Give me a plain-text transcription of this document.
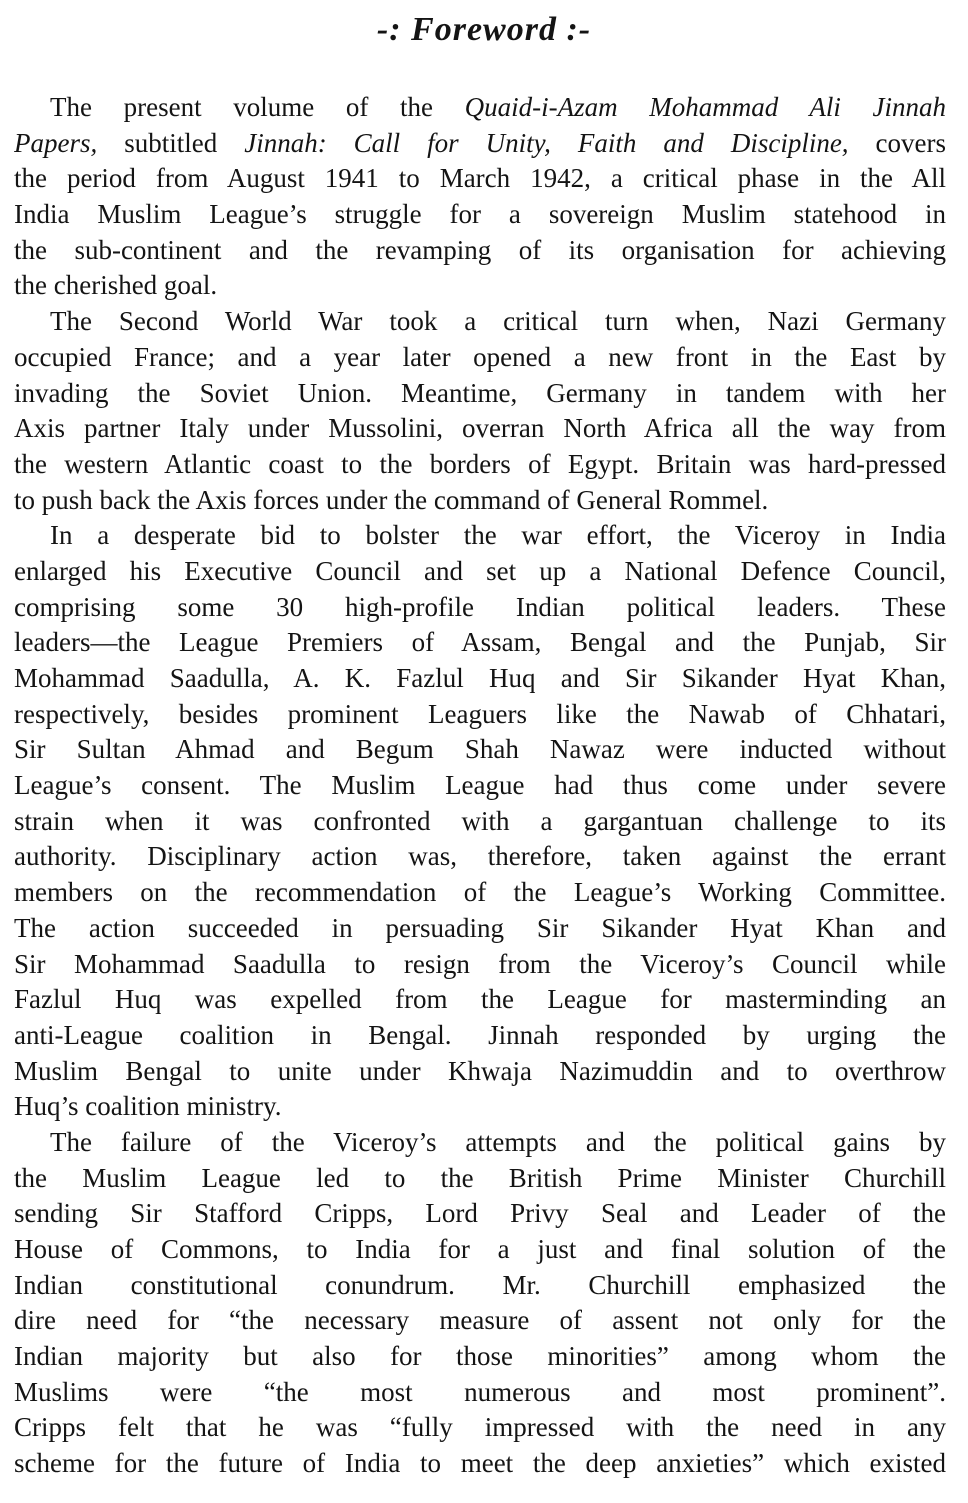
-: Foreword :-
The present volume of the Quaid-i-Azam Mohammad Ali Jinnah
Papers, subtitled Jinnah: Call for Unity, Faith and Discipline, covers
the period from August 1941 to March 1942, a critical phase in the All
India Muslim League’s struggle for a sovereign Muslim statehood in
the sub-continent and the revamping of its organisation for achieving
the cherished goal.
The Second World War took a critical turn when, Nazi Germany
occupied France; and a year later opened a new front in the East by
invading the Soviet Union. Meantime, Germany in tandem with her
Axis partner Italy under Mussolini, overran North Africa all the way from
the western Atlantic coast to the borders of Egypt. Britain was hard-pressed
to push back the Axis forces under the command of General Rommel.
In a desperate bid to bolster the war effort, the Viceroy in India
enlarged his Executive Council and set up a National Defence Council,
comprising some 30 high-profile Indian political leaders. These
leaders—the League Premiers of Assam, Bengal and the Punjab, Sir
Mohammad Saadulla, A. K. Fazlul Huq and Sir Sikander Hyat Khan,
respectively, besides prominent Leaguers like the Nawab of Chhatari,
Sir Sultan Ahmad and Begum Shah Nawaz were inducted without
League’s consent. The Muslim League had thus come under severe
strain when it was confronted with a gargantuan challenge to its
authority. Disciplinary action was, therefore, taken against the errant
members on the recommendation of the League’s Working Committee.
The action succeeded in persuading Sir Sikander Hyat Khan and
Sir Mohammad Saadulla to resign from the Viceroy’s Council while
Fazlul Huq was expelled from the League for masterminding an
anti-League coalition in Bengal. Jinnah responded by urging the
Muslim Bengal to unite under Khwaja Nazimuddin and to overthrow
Huq’s coalition ministry.
The failure of the Viceroy’s attempts and the political gains by
the Muslim League led to the British Prime Minister Churchill
sending Sir Stafford Cripps, Lord Privy Seal and Leader of the
House of Commons, to India for a just and final solution of the
Indian constitutional conundrum. Mr. Churchill emphasized the
dire need for “the necessary measure of assent not only for the
Indian majority but also for those minorities” among whom the
Muslims were “the most numerous and most prominent”.
Cripps felt that he was “fully impressed with the need in any
scheme for the future of India to meet the deep anxieties” which existed
